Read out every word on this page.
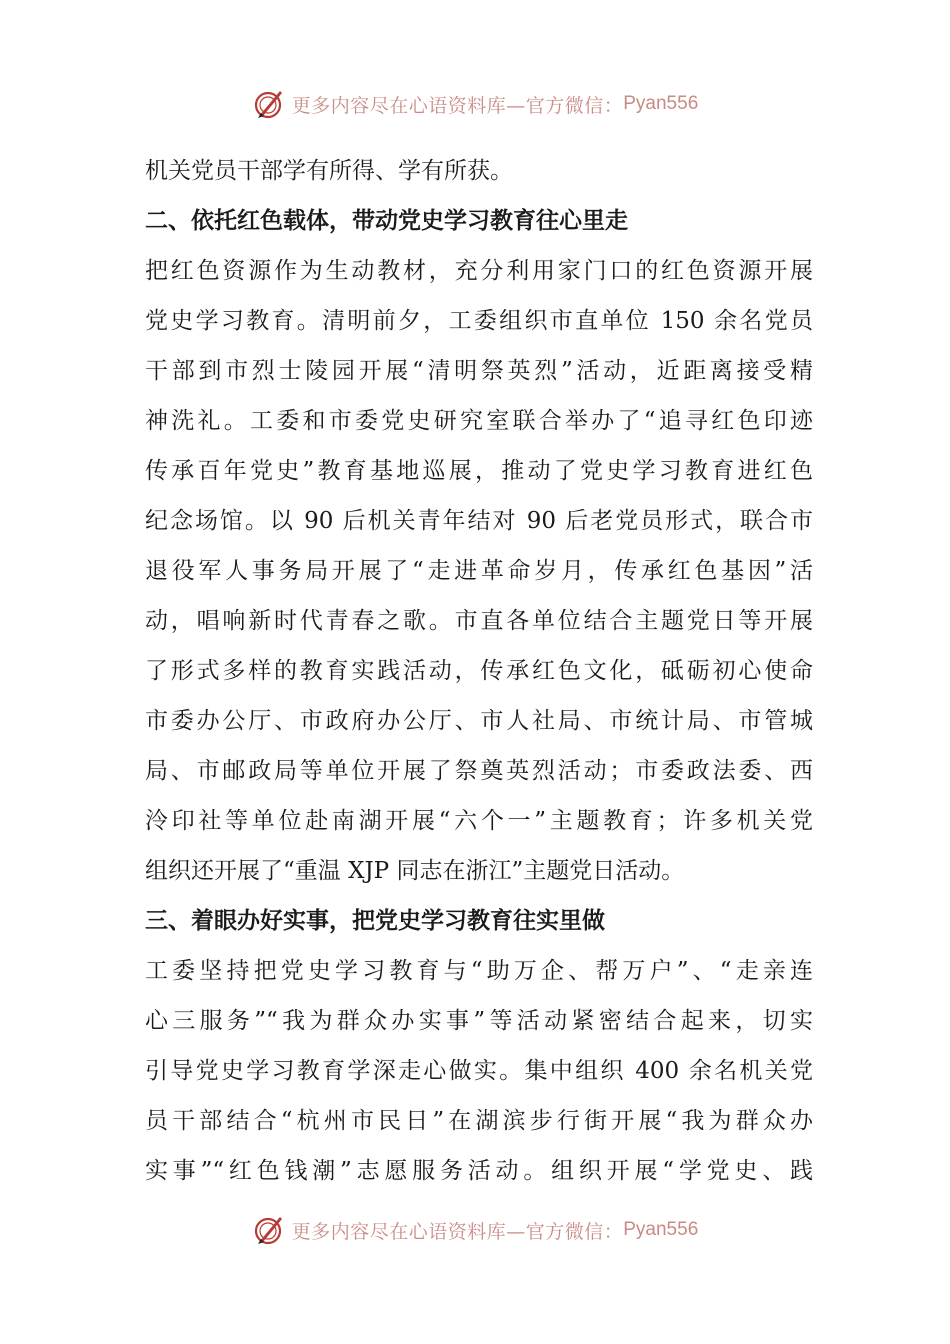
更多内容尽在心语资料库—官方微信： Pyan556
机关党员干部学有所得、学有所获。
二、依托红色载体，带动党史学习教育往心里走
把红色资源作为生动教材，充分利用家门口的红色资源开展
党史学习教育。清明前夕，工委组织市直单位 150 余名党员
干部到市烈士陵园开展“清明祭英烈”活动，近距离接受精
神洗礼。工委和市委党史研究室联合举办了“追寻红色印迹
传承百年党史”教育基地巡展，推动了党史学习教育进红色
纪念场馆。以 90 后机关青年结对 90 后老党员形式，联合市
退役军人事务局开展了“走进革命岁月，传承红色基因”活
动，唱响新时代青春之歌。市直各单位结合主题党日等开展
了形式多样的教育实践活动，传承红色文化，砥砺初心使命
市委办公厅、市政府办公厅、市人社局、市统计局、市管城
局、市邮政局等单位开展了祭奠英烈活动；市委政法委、西
泠印社等单位赴南湖开展“六个一”主题教育；许多机关党
组织还开展了“重温 XJP 同志在浙江”主题党日活动。
三、着眼办好实事，把党史学习教育往实里做
工委坚持把党史学习教育与“助万企、帮万户”、“走亲连
心三服务”“我为群众办实事”等活动紧密结合起来，切实
引导党史学习教育学深走心做实。集中组织 400 余名机关党
员干部结合“杭州市民日”在湖滨步行街开展“我为群众办
实事”“红色钱潮”志愿服务活动。组织开展“学党史、践
更多内容尽在心语资料库—官方微信： Pyan556
